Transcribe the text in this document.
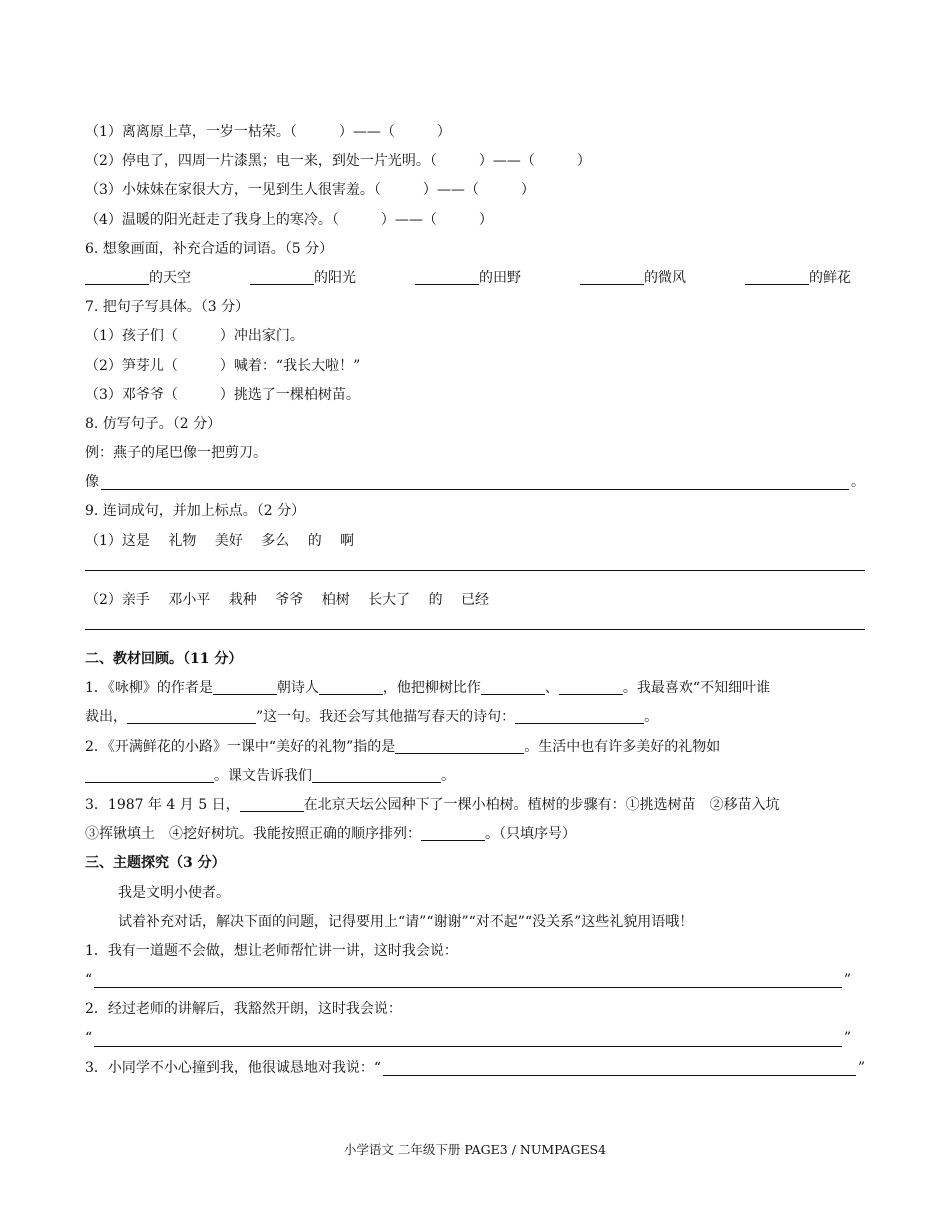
（1）离离原上草，一岁一枯荣。（　　　）——（　　　）
（2）停电了，四周一片漆黑；电一来，到处一片光明。（　　　）——（　　　）
（3）小妹妹在家很大方，一见到生人很害羞。（　　　）——（　　　）
（4）温暖的阳光赶走了我身上的寒冷。（　　　）——（　　　）
6. 想象画面，补充合适的词语。（5 分）
的天空	的阳光	的田野	的微风	的鲜花
7. 把句子写具体。（3 分）
（1）孩子们（　　　）冲出家门。
（2）笋芽儿（　　　）喊着：“我长大啦！”
（3）邓爷爷（　　　）挑选了一棵柏树苗。
8. 仿写句子。（2 分）
例：燕子的尾巴像一把剪刀。
像	。
9. 连词成句，并加上标点。（2 分）
（1）这是　 礼物　 美好　 多么　 的　 啊
（2）亲手　 邓小平　 栽种　 爷爷　 柏树　 长大了　 的　 已经
二、教材回顾。（11 分）
1．《咏柳》的作者是	朝诗人	，他把柳树比作	、	。我最喜欢“不知细叶谁
裁出，	”这一句。我还会写其他描写春天的诗句：	。
2．《开满鲜花的小路》一课中“美好的礼物”指的是	。生活中也有许多美好的礼物如
。课文告诉我们	。
3．1987 年 4 月 5 日，	在北京天坛公园种下了一棵小柏树。植树的步骤有：①挑选树苗　②移苗入坑
③挥锹填土　④挖好树坑。我能按照正确的顺序排列：	。（只填序号）
三、主题探究（3 分）
我是文明小使者。
试着补充对话，解决下面的问题，记得要用上“请”“谢谢”“对不起”“没关系”这些礼貌用语哦！
1．我有一道题不会做，想让老师帮忙讲一讲，这时我会说：
“	”
2．经过老师的讲解后，我豁然开朗，这时我会说：
“	”
3．小同学不小心撞到我，他很诚恳地对我说：“	”
小学语文 二年级下册 PAGE3 / NUMPAGES4
